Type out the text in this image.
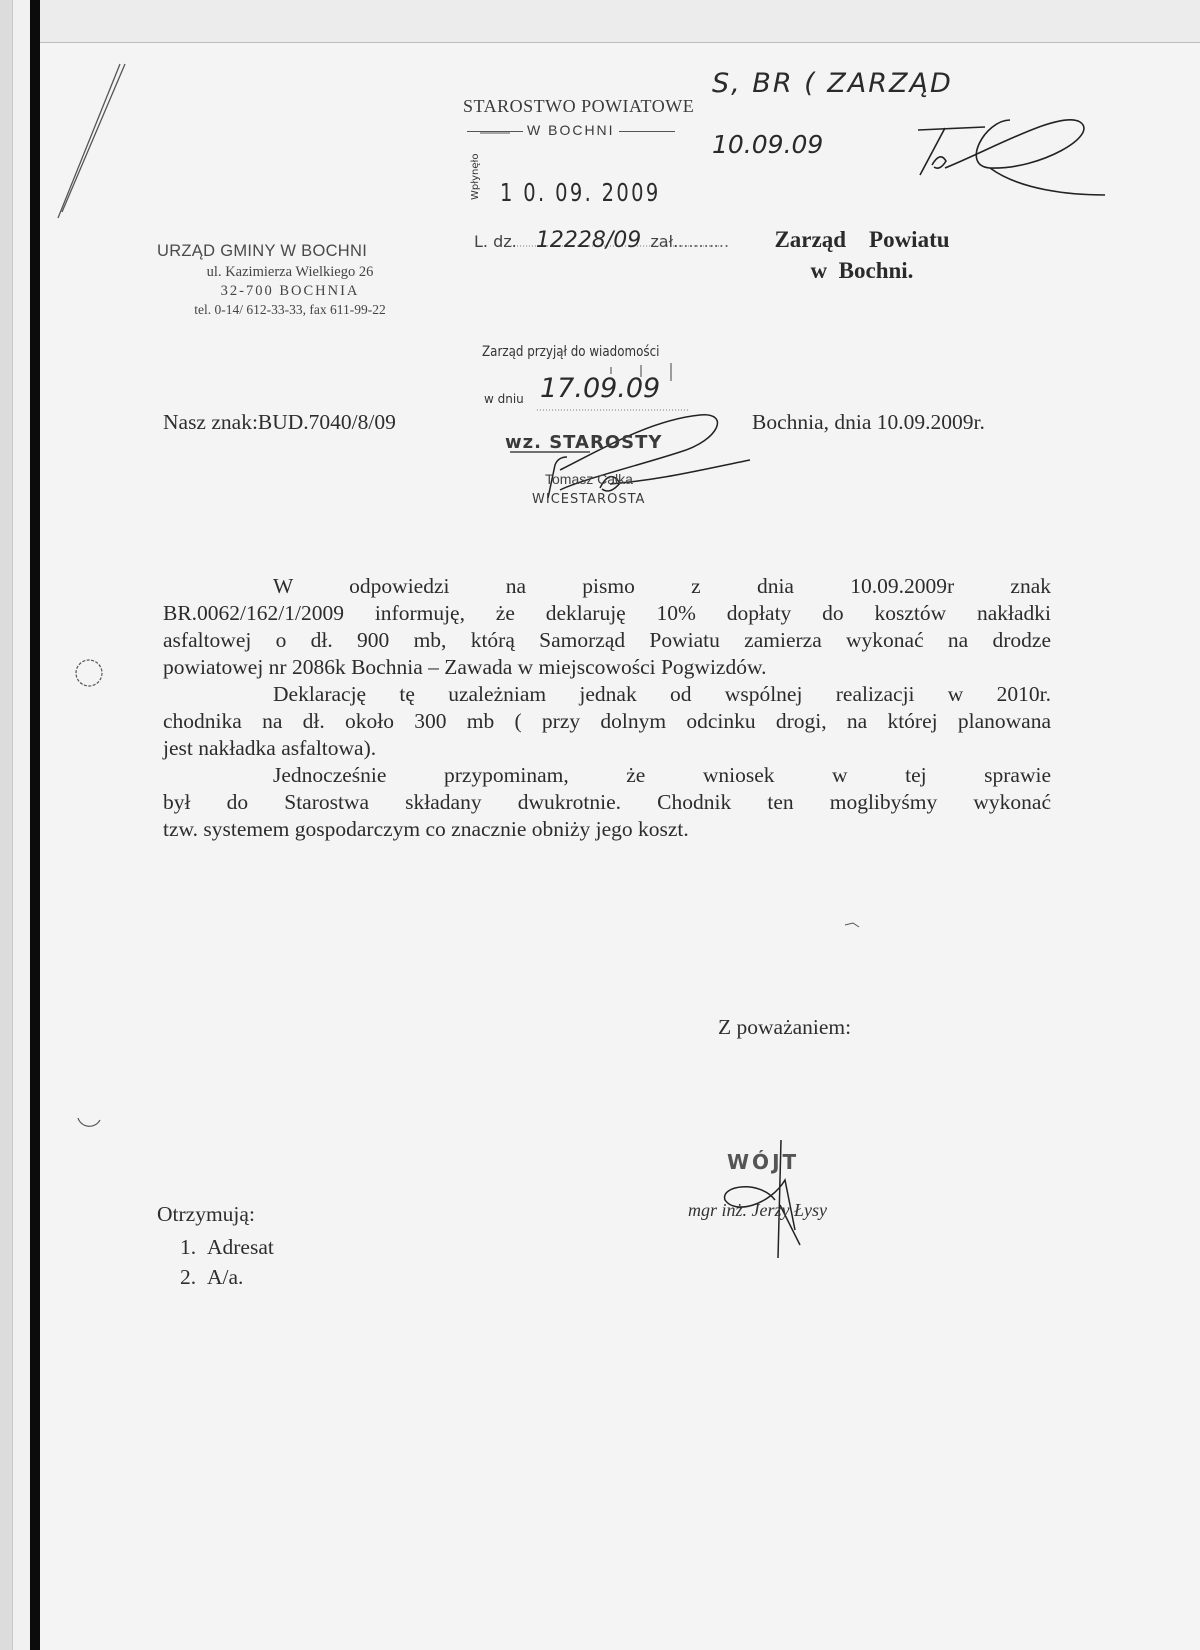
S, BR ( ZARZĄD
10.09.09
URZĄD GMINY W BOCHNI
ul. Kazimierza Wielkiego 26
32-700 BOCHNIA
tel. 0-14/ 612-33-33, fax 611-99-22
STAROSTWO POWIATOWE
W BOCHNI
Wpłynęło 1 0. 09. 2009
L. dz. 12228/09 zał...........	Zarząd    Powiatu
w  Bochni.
Zarząd przyjął do wiadomości
w dniu 17.09.09
wz. STAROSTY
Tomasz Całka
WICESTAROSTA
Nasz znak:BUD.7040/8/09	Bochnia, dnia 10.09.2009r.

W odpowiedzi na pismo z dnia 10.09.2009r znak

BR.0062/162/1/2009 informuję, że deklaruję 10% dopłaty do kosztów nakładki

asfaltowej o dł. 900 mb, którą Samorząd Powiatu zamierza wykonać na drodze

powiatowej nr 2086k Bochnia – Zawada w miejscowości Pogwizdów.

Deklarację tę uzależniam jednak od wspólnej realizacji w 2010r.

chodnika na dł. około 300 mb ( przy dolnym odcinku drogi, na której planowana

jest nakładka asfaltowa).

Jednocześnie przypominam, że wniosek w tej sprawie

był do Starostwa składany dwukrotnie. Chodnik ten moglibyśmy wykonać

tzw. systemem gospodarczym co znacznie obniży jego koszt.

Z poważaniem:
WÓJT
mgr inż. Jerzy Łysy
Otrzymują:
1. Adresat
2. A/a.
